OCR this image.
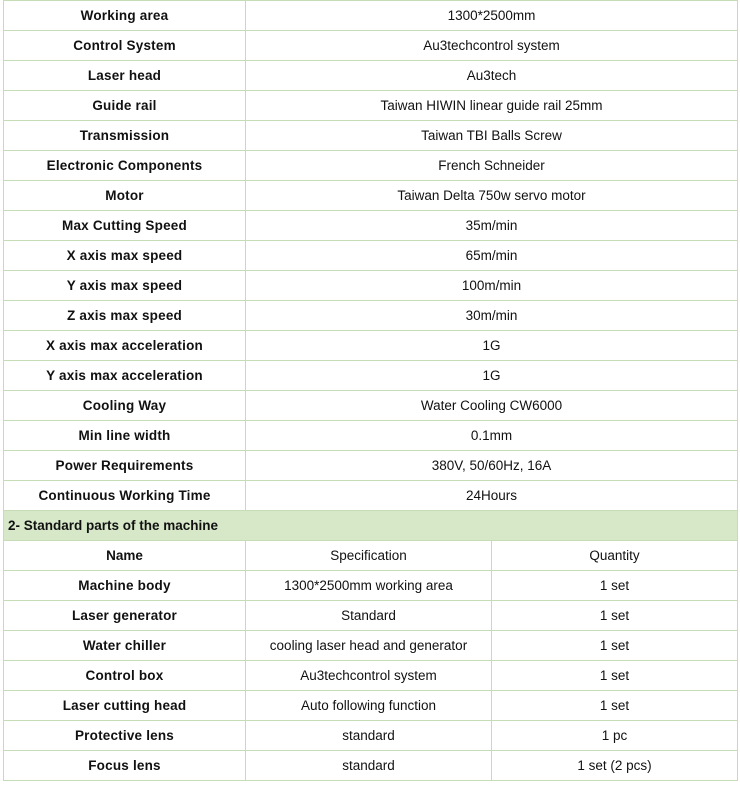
Working area	1300*2500mm	
Control System	Au3techcontrol system	
Laser head	Au3tech	
Guide rail	Taiwan HIWIN linear guide rail 25mm	
Transmission	Taiwan TBI Balls Screw	
Electronic Components	French Schneider	
Motor	Taiwan Delta 750w servo motor	
Max Cutting Speed	35m/min	
X axis max speed	65m/min	
Y axis max speed	100m/min	
Z axis max speed	30m/min	
X axis max acceleration	1G	
Y axis max acceleration	1G	
Cooling Way	Water Cooling CW6000	
Min line width	0.1mm	
Power Requirements	380V, 50/60Hz, 16A	
Continuous Working Time	24Hours	
2- Standard parts of the machine		
Name	Specification	Quantity
Machine body	1300*2500mm working area	1 set
Laser generator	Standard	1 set
Water chiller	cooling laser head and generator	1 set
Control box	Au3techcontrol system	1 set
Laser cutting head	Auto following function	1 set
Protective lens	standard	1 pc
Focus lens	standard	1 set (2 pcs)
